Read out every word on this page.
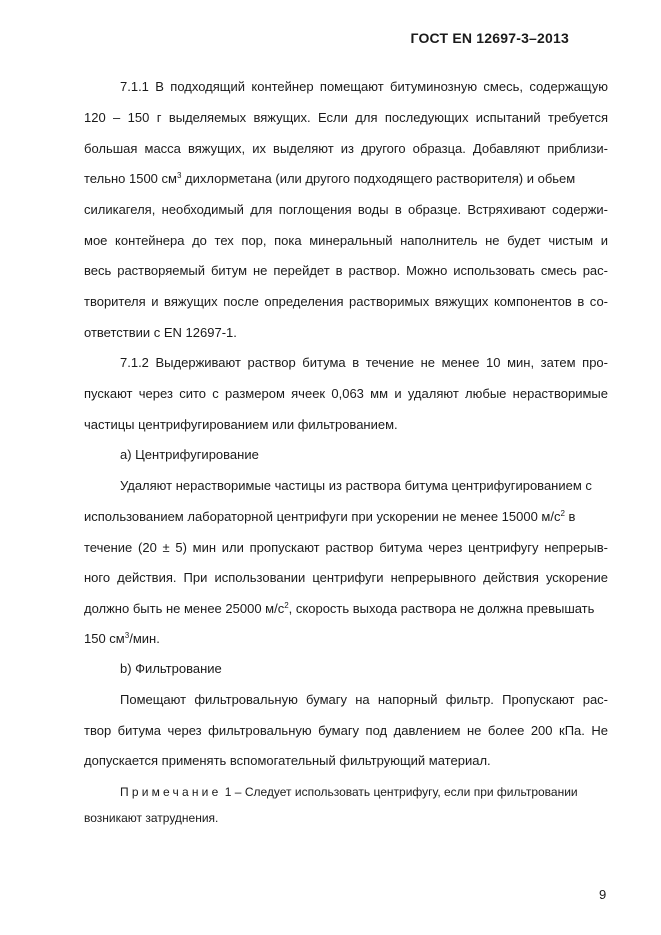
ГОСТ EN 12697-3–2013
7.1.1 В подходящий контейнер помещают битуминозную смесь, содержащую
120 – 150 г выделяемых вяжущих. Если для последующих испытаний требуется
большая масса вяжущих, их выделяют из другого образца. Добавляют приблизи-
тельно 1500 $см^3$ дихлорметана (или другого подходящего растворителя) и обьем
силикагеля, необходимый для поглощения воды в образце. Встряхивают содержи-
мое контейнера до тех пор, пока минеральный наполнитель не будет чистым и
весь растворяемый битум не перейдет в раствор. Можно использовать смесь рас-
творителя и вяжущих после определения растворимых вяжущих компонентов в со-
ответствии с EN 12697-1.
7.1.2 Выдерживают раствор битума в течение не менее 10 мин, затем про-
пускают через сито с размером ячеек 0,063 мм и удаляют любые нерастворимые
частицы центрифугированием или фильтрованием.
а) Центрифугирование
Удаляют нерастворимые частицы из раствора битума центрифугированием с
использованием лабораторной центрифуги при ускорении не менее 15000 $м/с^2$ в
течение (20 ± 5) мин или пропускают раствор битума через центрифугу непрерыв-
ного действия. При использовании центрифуги непрерывного действия ускорение
должно быть не менее 25000 $м/с^2$, скорость выхода раствора не должна превышать
150 $см^3$/мин.
b) Фильтрование
Помещают фильтровальную бумагу на напорный фильтр. Пропускают рас-
твор битума через фильтровальную бумагу под давлением не более 200 кПа. Не
допускается применять вспомогательный фильтрующий материал.
Примечание 1 – Следует использовать центрифугу, если при фильтровании
возникают затруднения.
9
